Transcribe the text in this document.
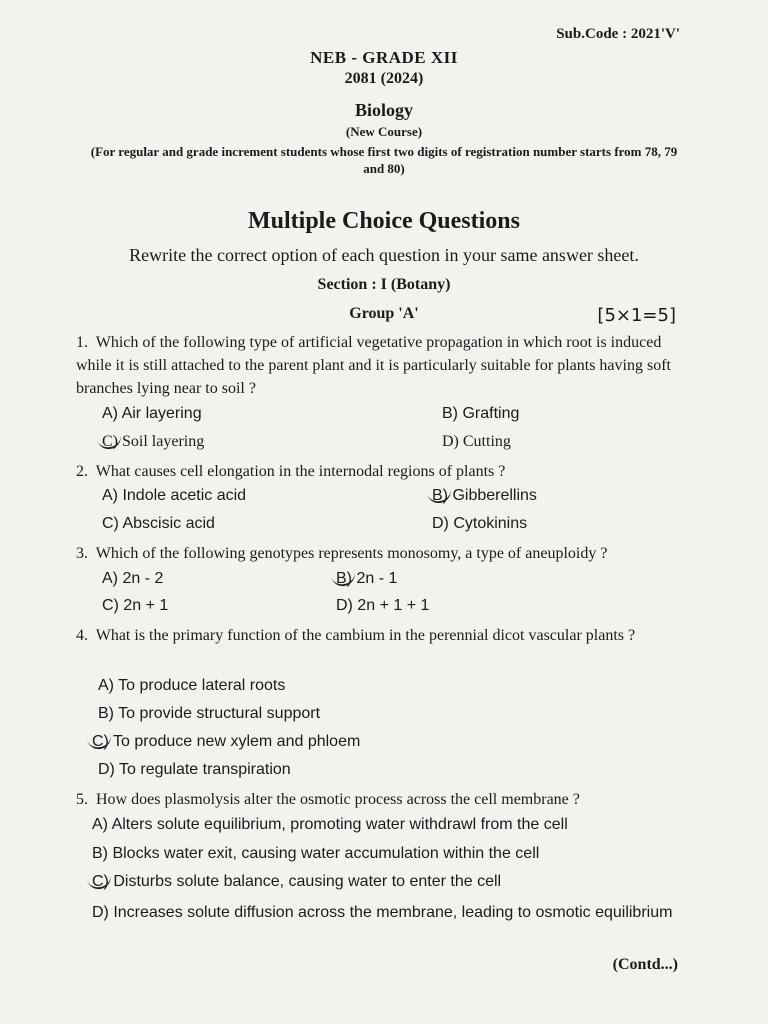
Sub.Code : 2021'V'
NEB - GRADE XII
2081 (2024)
Biology
(New Course)
(For regular and grade increment students whose first two digits of registration number starts from 78, 79 and 80)
Multiple Choice Questions
Rewrite the correct option of each question in your same answer sheet.
Section : I (Botany)
Group 'A'	[5×1=5]
1. Which of the following type of artificial vegetative propagation in which root is induced while it is still attached to the parent plant and it is particularly suitable for plants having soft branches lying near to soil ?
A) Air layering	B) Grafting
C) Soil layering	D) Cutting
2. What causes cell elongation in the internodal regions of plants ?
A) Indole acetic acid	B) Gibberellins
C) Abscisic acid	D) Cytokinins
3. Which of the following genotypes represents monosomy, a type of aneuploidy ?
A) 2n - 2	B) 2n - 1
C) 2n + 1	D) 2n + 1 + 1
4. What is the primary function of the cambium in the perennial dicot vascular plants ?
A) To produce lateral roots
B) To provide structural support
C) To produce new xylem and phloem
D) To regulate transpiration
5. How does plasmolysis alter the osmotic process across the cell membrane ?
A) Alters solute equilibrium, promoting water withdrawl from the cell
B) Blocks water exit, causing water accumulation within the cell
C) Disturbs solute balance, causing water to enter the cell
D) Increases solute diffusion across the membrane, leading to osmotic equilibrium
(Contd...)
